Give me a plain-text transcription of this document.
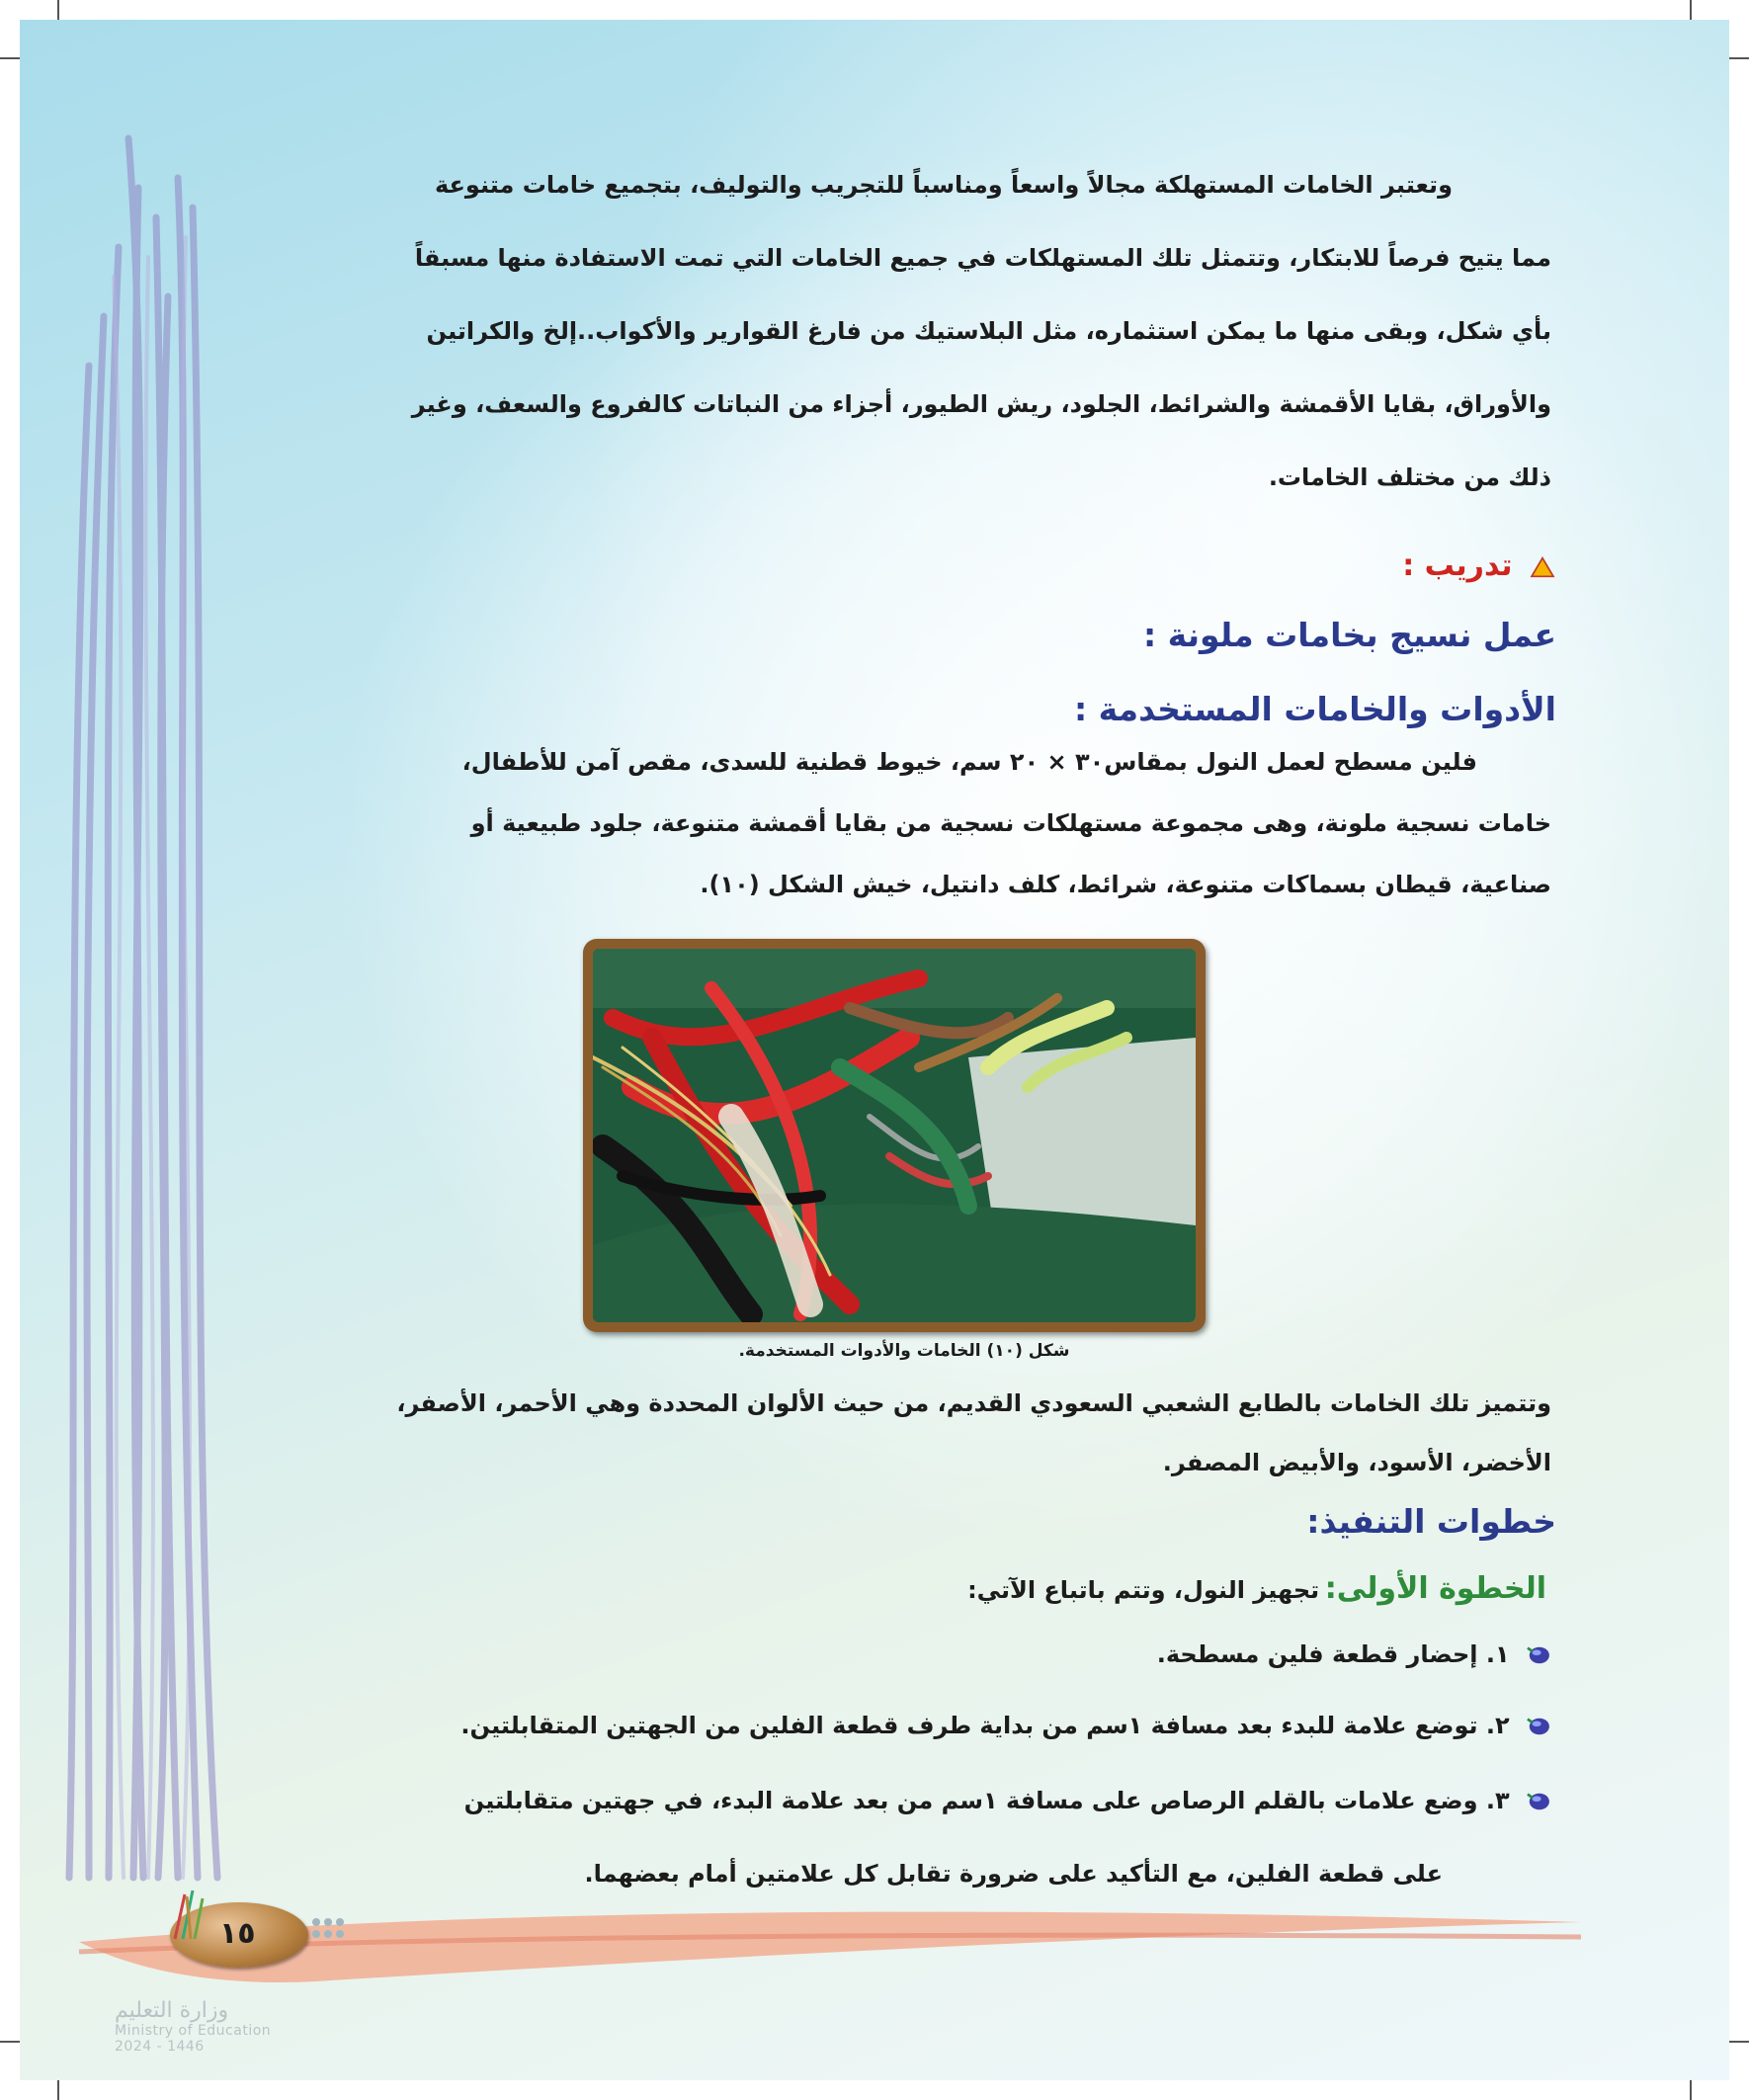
وتعتبر الخامات المستهلكة مجالاً واسعاً ومناسباً للتجريب والتوليف، بتجميع خامات متنوعة
مما يتيح فرصاً للابتكار، وتتمثل تلك المستهلكات في جميع الخامات التي تمت الاستفادة منها مسبقاً
بأي شكل، وبقى منها ما يمكن استثماره، مثل البلاستيك من فارغ القوارير والأكواب..إلخ والكراتين
والأوراق، بقايا الأقمشة والشرائط، الجلود، ريش الطيور، أجزاء من النباتات كالفروع والسعف، وغير
ذلك من مختلف الخامات.
تدريب :
عمل نسيج بخامات ملونة :
الأدوات والخامات المستخدمة :
فلين مسطح لعمل النول بمقاس٣٠ × ٢٠ سم، خيوط قطنية للسدى، مقص آمن للأطفال،
خامات نسجية ملونة، وهى مجموعة مستهلكات نسجية من بقايا أقمشة متنوعة، جلود طبيعية أو
صناعية، قيطان بسماكات متنوعة، شرائط، كلف دانتيل، خيش الشكل (١٠).
شكل (١٠) الخامات والأدوات المستخدمة.
وتتميز تلك الخامات بالطابع الشعبي السعودي القديم، من حيث الألوان المحددة وهي الأحمر، الأصفر،
الأخضر، الأسود، والأبيض المصفر.
خطوات التنفيذ:
الخطوة الأولى: تجهيز النول، وتتم باتباع الآتي:
١. إحضار قطعة فلين مسطحة.
٢. توضع علامة للبدء بعد مسافة ١سم من بداية طرف قطعة الفلين من الجهتين المتقابلتين.
٣. وضع علامات بالقلم الرصاص على مسافة ١سم من بعد علامة البدء، في جهتين متقابلتين
على قطعة الفلين، مع التأكيد على ضرورة تقابل كل علامتين أمام بعضهما.
١٥
وزارة التعليم
Ministry of Education
2024 - 1446
